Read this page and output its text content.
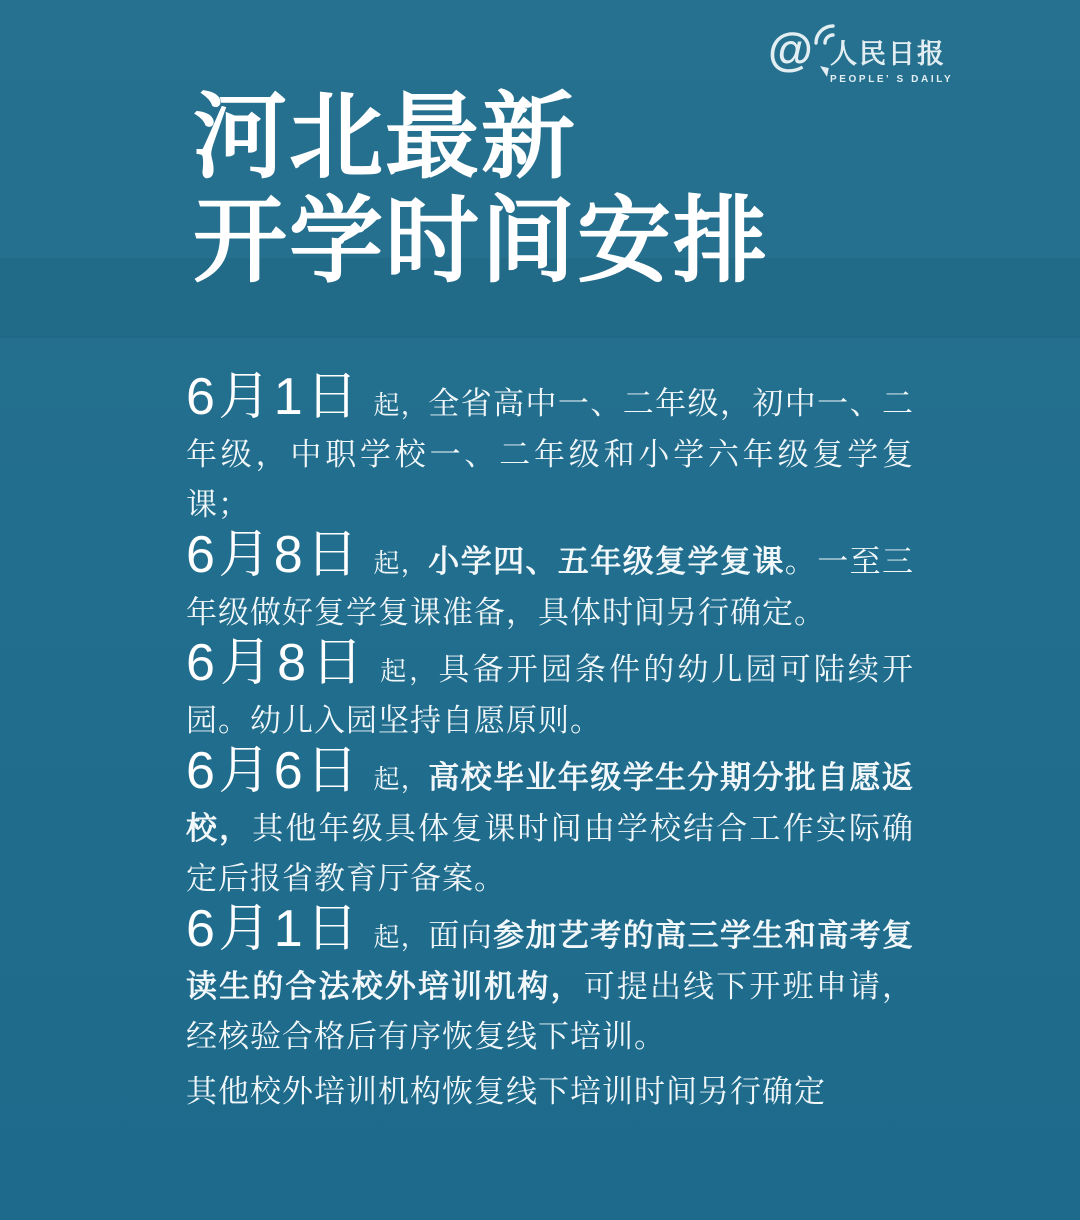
河北最新
开学时间安排
@ 人民日报
PEOPLE' S DAILY

6月1日 起，全省高中一、二年级，初中一、二年级，中职学校一、二年级和小学六年级复学复课；

6月8日 起，小学四、五年级复学复课。一至三年级做好复学复课准备，具体时间另行确定。

6月8日 起，具备开园条件的幼儿园可陆续开园。幼儿入园坚持自愿原则。

6月6日 起，高校毕业年级学生分期分批自愿返校，其他年级具体复课时间由学校结合工作实际确定后报省教育厅备案。

6月1日 起，面向参加艺考的高三学生和高考复读生的合法校外培训机构，可提出线下开班申请，经核验合格后有序恢复线下培训。

其他校外培训机构恢复线下培训时间另行确定
